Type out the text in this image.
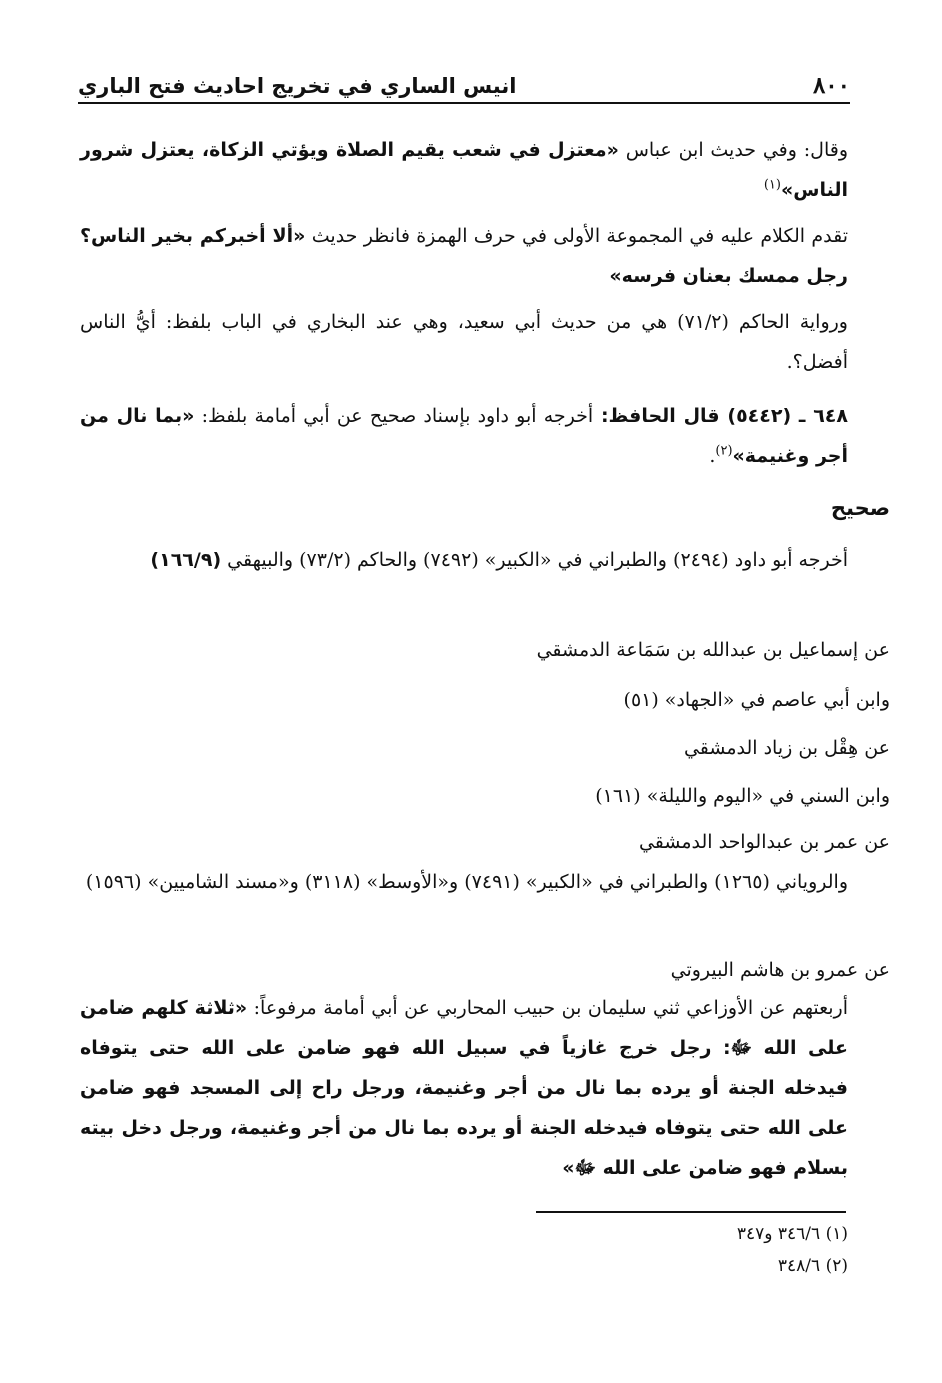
٨٠٠
انيس الساري في تخريج احاديث فتح الباري
وقال: وفي حديث ابن عباس «معتزل في شعب يقيم الصلاة ويؤتي الزكاة، يعتزل شرور الناس»$^{(١)}$
تقدم الكلام عليه في المجموعة الأولى في حرف الهمزة فانظر حديث «ألا أخبركم بخير الناس؟ رجل ممسك بعنان فرسه»
ورواية الحاكم (٧١/٢) هي من حديث أبي سعيد، وهي عند البخاري في الباب بلفظ: أيُّ الناس أفضل؟.
٦٤٨ ـ (٥٤٤٢) قال الحافظ: أخرجه أبو داود بإسناد صحيح عن أبي أمامة بلفظ: «بما نال من أجر وغنيمة»$^{(٢)}$.
صحيح
أخرجه أبو داود (٢٤٩٤) والطبراني في «الكبير» (٧٤٩٢) والحاكم (٧٣/٢) والبيهقي (١٦٦/٩)
عن إسماعيل بن عبدالله بن سَمَاعة الدمشقي
وابن أبي عاصم في «الجهاد» (٥١)
عن هِقْل بن زياد الدمشقي
وابن السني في «اليوم والليلة» (١٦١)
عن عمر بن عبدالواحد الدمشقي
والروياني (١٢٦٥) والطبراني في «الكبير» (٧٤٩١) و«الأوسط» (٣١١٨) و«مسند الشاميين» (١٥٩٦)
عن عمرو بن هاشم البيروتي
أربعتهم عن الأوزاعي ثني سليمان بن حبيب المحاربي عن أبي أمامة مرفوعاً: «ثلاثة كلهم ضامن على الله ﷻ: رجل خرج غازياً في سبيل الله فهو ضامن على الله حتى يتوفاه فيدخله الجنة أو يرده بما نال من أجر وغنيمة، ورجل راح إلى المسجد فهو ضامن على الله حتى يتوفاه فيدخله الجنة أو يرده بما نال من أجر وغنيمة، ورجل دخل بيته بسلام فهو ضامن على الله ﷻ»
(١) ٣٤٦/٦ و٣٤٧
(٢) ٣٤٨/٦
